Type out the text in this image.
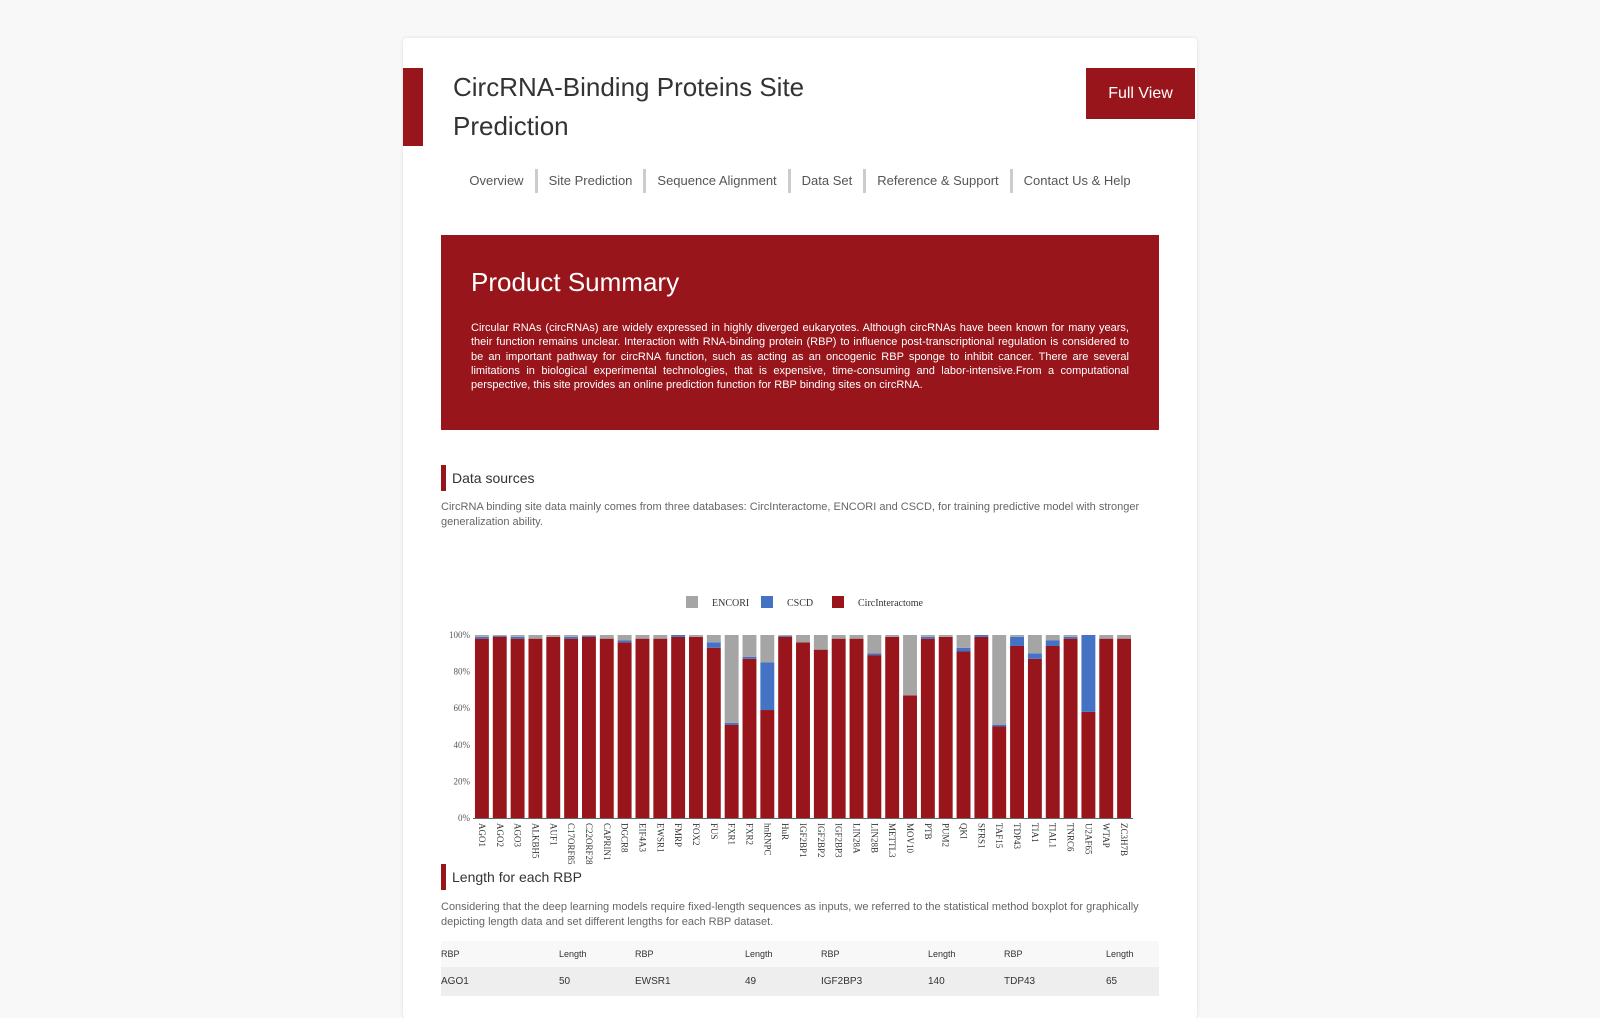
CircRNA-Binding Proteins Site Prediction
Full View
Overview	Site Prediction	Sequence Alignment	Data Set	Reference & Support	Contact Us & Help
Product Summary

Circular RNAs (circRNAs) are widely expressed in highly diverged eukaryotes. Although circRNAs have been known for many years, their function remains unclear. Interaction with RNA-binding protein (RBP) to influence post-transcriptional regulation is considered to be an important pathway for circRNA function, such as acting as an oncogenic RBP sponge to inhibit cancer. There are several limitations in biological experimental technologies, that is expensive, time-consuming and labor-intensive.From a computational perspective, this site provides an online prediction function for RBP binding sites on circRNA.

Data sources
CircRNA binding site data mainly comes from three databases: CircInteractome, ENCORI and CSCD, for training predictive model with stronger generalization ability.
ENCORI	CSCD	CircInteractome
0%
20%
40%
60%
80%
100%
AGO1 AGO2 AGO3 ALKBH5 AUF1 C17ORF85 C22ORF28 CAPRIN1 DGCR8 EIF4A3 EWSR1 FMRP FOX2 FUS FXR1 FXR2 hnRNPC HuR IGF2BP1 IGF2BP2 IGF2BP3 LIN28A LIN28B METTL3 MOV10 PTB PUM2 QKI SFRS1 TAF15 TDP43 TIA1 TIAL1 TNRC6 U2AF65 WTAP ZC3H7B
Length for each RBP
Considering that the deep learning models require fixed-length sequences as inputs, we referred to the statistical method boxplot for graphically depicting length data and set different lengths for each RBP dataset.
RBP	Length	RBP	Length	RBP	Length	RBP	Length
AGO1	50	EWSR1	49	IGF2BP3	140	TDP43	65
